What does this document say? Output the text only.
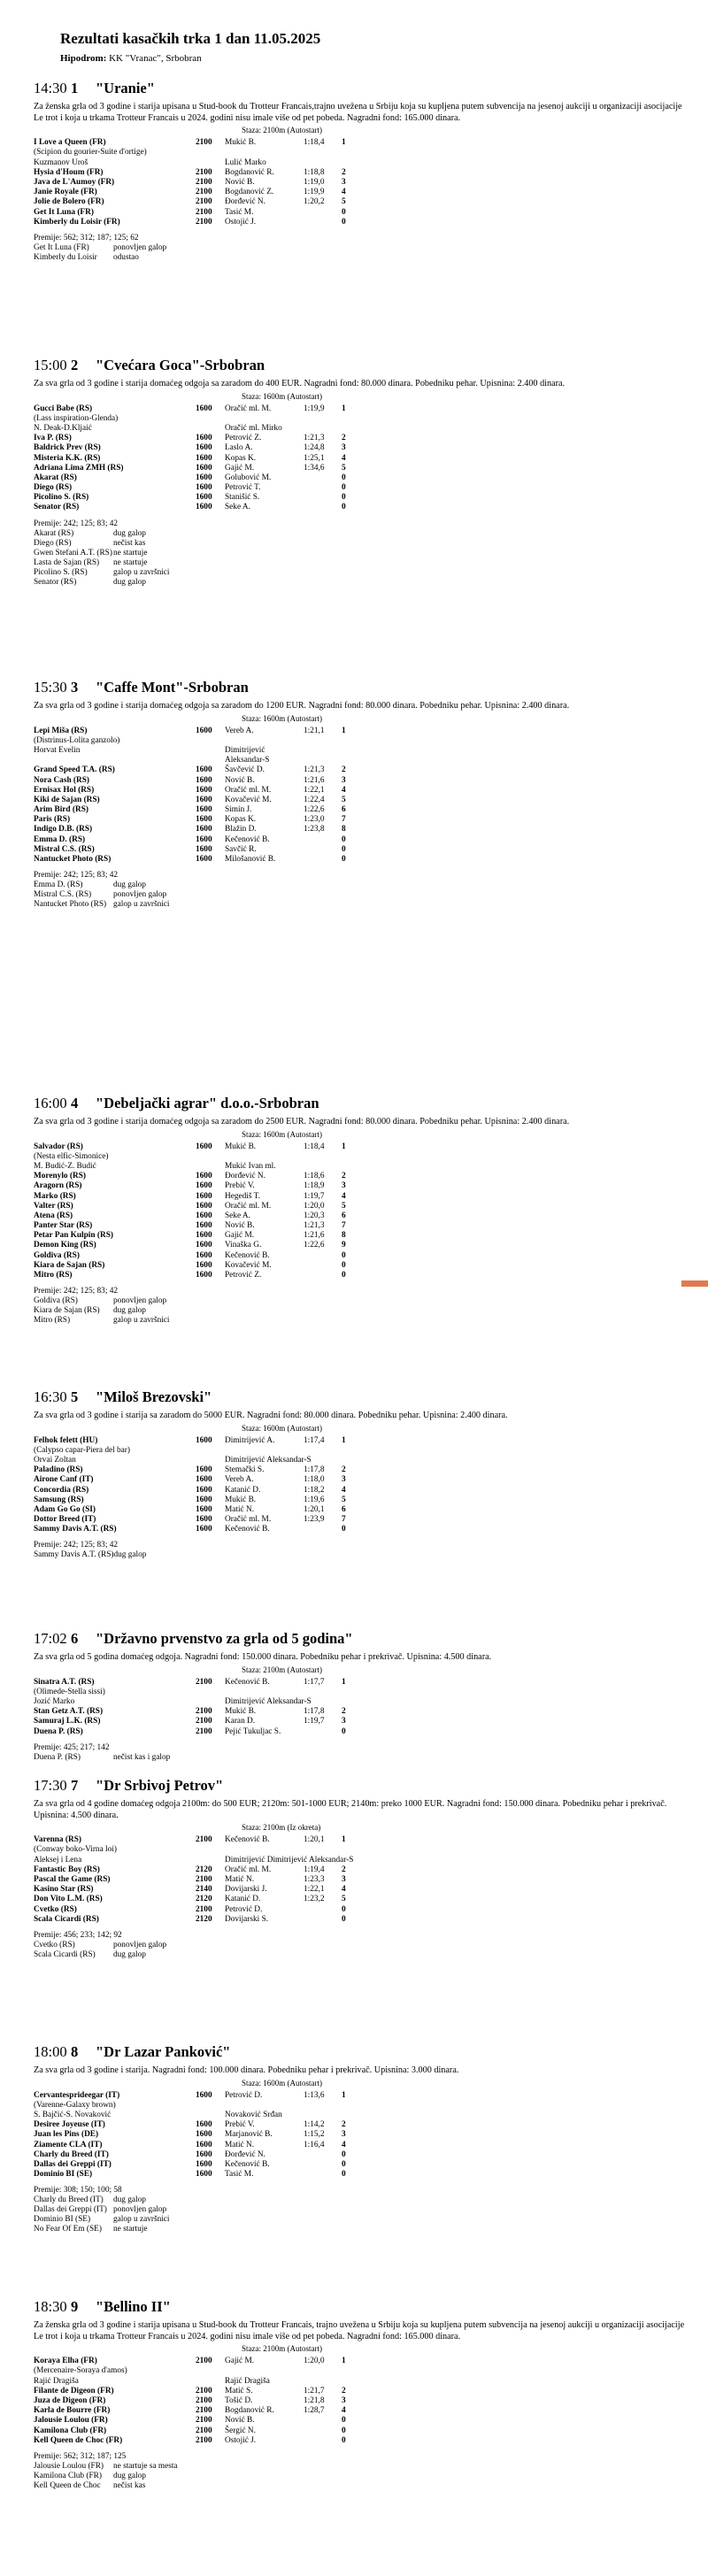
Rezultati kasačkih trka 1 dan 11.05.2025
Hipodrom: KK "Vranac", Srbobran
14:30 1 "Uranie"

Za ženska grla od 3 godine i starija upisana u Stud-book du Trotteur Francais,trajno uvežena u Srbiju koja su kupljena putem subvencija na jesenoj aukciji u organizaciji asocijacije Le trot i koja u trkama Trotteur Francais u 2024. godini nisu imale više od pet pobeda. Nagradni fond: 165.000 dinara.

Staza: 2100m (Autostart)
I Love a Queen (FR)	2100 Mukić B.	1:18,4 1
(Scipion du gourier-Suite d'ortige)
Kuzmanov Uroš	Lulić Marko
Hysia d'Houm (FR)	2100 Bogdanović R.	1:18,8 2
Java de L'Aumoy (FR)	2100 Nović B.	1:19,0 3
Janie Royale (FR)	2100 Bogdanović Z.	1:19,9 4
Jolie de Bolero (FR)	2100 Đorđević N.	1:20,2 5
Get It Luna (FR)	2100 Tasić M.	0
Kimberly du Loisir (FR)	2100 Ostojić J.	0
Premije: 562; 312; 187; 125; 62
Get It Luna (FR)	ponovljen galop
Kimberly du Loisir odustao
15:00 2 "Cvećara Goca"-Srbobran

Za sva grla od 3 godine i starija domaćeg odgoja sa zaradom do 400 EUR. Nagradni fond: 80.000 dinara. Pobedniku pehar. Upisnina: 2.400 dinara.

Staza: 1600m (Autostart)
Gucci Babe (RS)	1600 Oračić ml. M.	1:19,9 1
(Lass inspiration-Glenda)
N. Deak-D.Kljaić	Oračić ml. Mirko
Iva P. (RS)	1600 Petrović Z.	1:21,3 2
Baldrick Prev (RS)	1600 Laslo A.	1:24,8 3
Misteria K.K. (RS)	1600 Kopas K.	1:25,1 4
Adriana Lima ZMH (RS)	1600 Gajić M.	1:34,6 5
Akarat (RS)	1600 Golubović M.	0
Diego (RS)	1600 Petrović T.	0
Picolino S. (RS)	1600 Stanišić S.	0
Senator (RS)	1600 Seke A.	0
Premije: 242; 125; 83; 42
Akarat (RS)	dug galop
Diego (RS)	nečist kas
Gwen Stefani A.T. (RS) ne startuje
Lasta de Sajan (RS) ne startuje
Picolino S. (RS)	galop u završnici
Senator (RS)	dug galop
15:30 3 "Caffe Mont"-Srbobran

Za sva grla od 3 godine i starija domaćeg odgoja sa zaradom do 1200 EUR. Nagradni fond: 80.000 dinara. Pobedniku pehar. Upisnina: 2.400 dinara.

Staza: 1600m (Autostart)
Lepi Miša (RS)	1600 Vereb A.	1:21,1 1
(Distrinus-Lolita ganzolo)
Horvat Evelin	Dimitrijević
Aleksandar-S
Grand Speed T.A. (RS)	1600 Šavčević D.	1:21,3 2
Nora Cash (RS)	1600 Nović B.	1:21,6 3
Ernisax Hol (RS)	1600 Oračić ml. M.	1:22,1 4
Kiki de Sajan (RS)	1600 Kovačević M.	1:22,4 5
Arim Bird (RS)	1600 Simin J.	1:22,6 6
Paris (RS)	1600 Kopas K.	1:23,0 7
Indigo D.B. (RS)	1600 Blažin D.	1:23,8 8
Emma D. (RS)	1600 Kečenović B.	0
Mistral C.S. (RS)	1600 Savčić R.	0
Nantucket Photo (RS)	1600 Milošanović B.	0
Premije: 242; 125; 83; 42
Emma D. (RS)	dug galop
Mistral C.S. (RS)	ponovljen galop
Nantucket Photo (RS) galop u završnici
16:00 4 "Debeljački agrar" d.o.o.-Srbobran

Za sva grla od 3 godine i starija domaćeg odgoja sa zaradom do 2500 EUR. Nagradni fond: 80.000 dinara. Pobedniku pehar. Upisnina: 2.400 dinara.

Staza: 1600m (Autostart)
Salvador (RS)	1600 Mukić B.	1:18,4 1
(Nesta elfic-Simonice)
M. Budić-Z. Budić	Mukić Ivan ml.
Morenylo (RS)	1600 Đorđević N.	1:18,6 2
Aragorn (RS)	1600 Prebić V.	1:18,9 3
Marko (RS)	1600 Hegediš T.	1:19,7 4
Valter (RS)	1600 Oračić ml. M.	1:20,0 5
Atena (RS)	1600 Seke A.	1:20,3 6
Panter Star (RS)	1600 Nović B.	1:21,3 7
Petar Pan Kulpin (RS)	1600 Gajić M.	1:21,6 8
Demon King (RS)	1600 Vinaška G.	1:22,6 9
Goldiva (RS)	1600 Kečenović B.	0
Kiara de Sajan (RS)	1600 Kovačević M.	0
Mitro (RS)	1600 Petrović Z.	0
Premije: 242; 125; 83; 42
Goldiva (RS)	ponovljen galop
Kiara de Sajan (RS) dug galop
Mitro (RS)	galop u završnici
16:30 5 "Miloš Brezovski"

Za sva grla od 3 godine i starija sa zaradom do 5000 EUR. Nagradni fond: 80.000 dinara. Pobedniku pehar. Upisnina: 2.400 dinara.

Staza: 1600m (Autostart)
Felhok felett (HU)	1600 Dimitrijević A.	1:17,4 1
(Calypso capar-Piera del bar)
Orvai Zoltan	Dimitrijević Aleksandar-S
Paladino (RS)	1600 Stemački S.	1:17,8 2
Airone Canf (IT)	1600 Vereb A.	1:18,0 3
Concordia (RS)	1600 Katanić D.	1:18,2 4
Samsung (RS)	1600 Mukić B.	1:19,6 5
Adam Go Go (SI)	1600 Matić N.	1:20,1 6
Dottor Breed (IT)	1600 Oračić ml. M.	1:23,9 7
Sammy Davis A.T. (RS)	1600 Kečenović B.	0
Premije: 242; 125; 83; 42
Sammy Davis A.T. (RS)dug galop
17:02 6 "Državno prvenstvo za grla od 5 godina"

Za sva grla od 5 godina domaćeg odgoja. Nagradni fond: 150.000 dinara. Pobedniku pehar i prekrivač. Upisnina: 4.500 dinara.

Staza: 2100m (Autostart)
Sinatra A.T. (RS)	2100 Kečenović B.	1:17,7 1
(Olimede-Stella sissi)
Jozić Marko	Dimitrijević Aleksandar-S
Stan Getz A.T. (RS)	2100 Mukić B.	1:17,8 2
Samuraj L.K. (RS)	2100 Karan D.	1:19,7 3
Duena P. (RS)	2100 Pejić Tukuljac S.	0
Premije: 425; 217; 142
Duena P. (RS)	nečist kas i galop
17:30 7 "Dr Srbivoj Petrov"

Za sva grla od 4 godine domaćeg odgoja 2100m: do 500 EUR; 2120m: 501-1000 EUR; 2140m: preko 1000 EUR. Nagradni fond: 150.000 dinara. Pobedniku pehar i prekrivač. Upisnina: 4.500 dinara.

Staza: 2100m (Iz okreta)
Varenna (RS)	2100 Kečenović B.	1:20,1 1
(Conway boko-Virna loi)
Aleksej i Lena	Dimitrijević Dimitrijević Aleksandar-S
Fantastic Boy (RS)	2120 Oračić ml. M.	1:19,4 2
Pascal the Game (RS)	2100 Matić N.	1:23,3 3
Kasino Star (RS)	2140 Dovijarski J.	1:22,1 4
Don Vito L.M. (RS)	2120 Katanić D.	1:23,2 5
Cvetko (RS)	2100 Petrović D.	0
Scala Cicardi (RS)	2120 Dovijarski S.	0
Premije: 456; 233; 142; 92
Cvetko (RS)	ponovljen galop
Scala Cicardi (RS) dug galop
18:00 8 "Dr Lazar Panković"

Za sva grla od 3 godine i starija. Nagradni fond: 100.000 dinara. Pobedniku pehar i prekrivač. Upisnina: 3.000 dinara.

Staza: 1600m (Autostart)
Cervantesprideegar (IT)	1600 Petrović D.	1:13,6 1
(Varenne-Galaxy brown)
S. Bajčić-S. Novaković	Novaković Srđan
Desiree Joyeuse (IT)	1600 Prebić V.	1:14,2 2
Juan les Pins (DE)	1600 Marjanović B.	1:15,2 3
Ziamente CLA (IT)	1600 Matić N.	1:16,4 4
Charly du Breed (IT)	1600 Đorđević N.	0
Dallas dei Greppi (IT)	1600 Kečenović B.	0
Dominio BI (SE)	1600 Tasić M.	0
Premije: 308; 150; 100; 58
Charly du Breed (IT) dug galop
Dallas dei Greppi (IT) ponovljen galop
Dominio BI (SE)	galop u završnici
No Fear Of Em (SE) ne startuje
18:30 9 "Bellino II"

Za ženska grla od 3 godine i starija upisana u Stud-book du Trotteur Francais, trajno uvežena u Srbiju koja su kupljena putem subvencija na jesenoj aukciji u organizaciji asocijacije Le trot i koja u trkama Trotteur Francais u 2024. godini nisu imale više od pet pobeda. Nagradni fond: 165.000 dinara.

Staza: 2100m (Autostart)
Koraya Elha (FR)	2100 Gajić M.	1:20,0 1
(Mercenaire-Soraya d'amos)
Rajić Dragiša	Rajić Dragiša
Filante de Digeon (FR)	2100 Matić S.	1:21,7 2
Juza de Digeon (FR)	2100 Tošić D.	1:21,8 3
Karla de Bourre (FR)	2100 Bogdanović R.	1:28,7 4
Jalousie Loulou (FR)	2100 Nović B.	0
Kamilona Club (FR)	2100 Šergić N.	0
Kell Queen de Choc (FR)	2100 Ostojić J.	0
Premije: 562; 312; 187; 125
Jalousie Loulou (FR) ne startuje sa mesta
Kamilona Club (FR) dug galop
Kell Queen de Choc nečist kas
